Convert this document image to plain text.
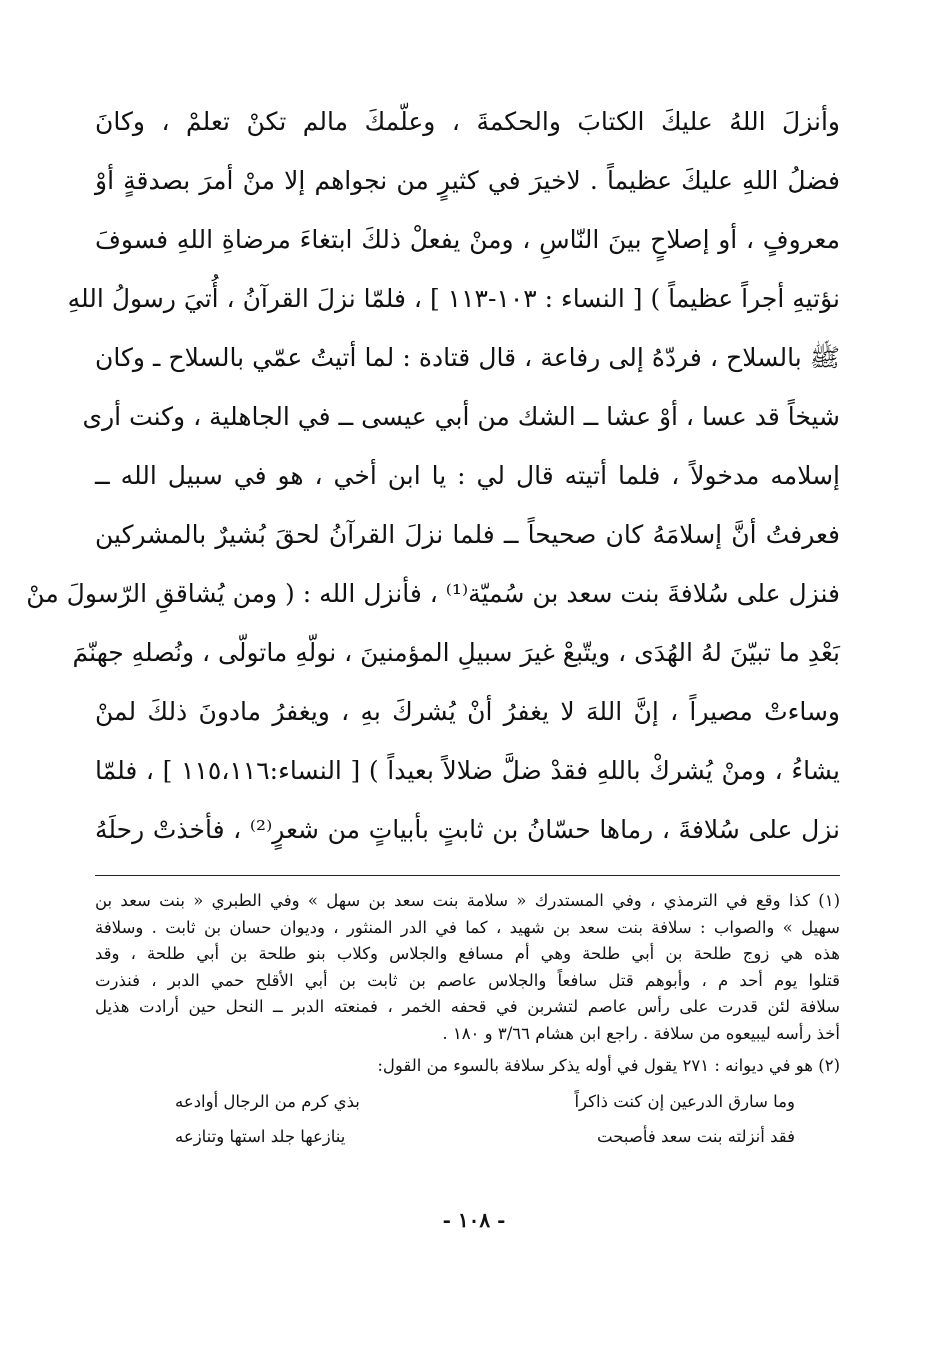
وأنزلَ اللهُ عليكَ الكتابَ والحكمةَ ، وعلّمكَ مالم تكنْ تعلمْ ، وكانَ
فضلُ اللهِ عليكَ عظيماً . لاخيرَ في كثيرٍ من نجواهم إلا منْ أمرَ بصدقةٍ أوْ
معروفٍ ، أو إصلاحٍ بينَ النّاسِ ، ومنْ يفعلْ ذلكَ ابتغاءَ مرضاةِ اللهِ فسوفَ
نؤتيهِ أجراً عظيماً ) [ النساء : ١٠٣-١١٣ ] ، فلمّا نزلَ القرآنُ ، أُتيَ رسولُ اللهِ
ﷺ بالسلاح ، فردّهُ إلى رفاعة ، قال قتادة : لما أتيتُ عمّي بالسلاح ـ وكان
شيخاً قد عسا ، أوْ عشا ــ الشك من أبي عيسى ــ في الجاهلية ، وكنت أرى
إسلامه مدخولاً ، فلما أتيته قال لي : يا ابن أخي ، هو في سبيل الله ــ
فعرفتُ أنَّ إسلامَهُ كان صحيحاً ــ فلما نزلَ القرآنُ لحقَ بُشيرٌ بالمشركين
فنزل على سُلافةَ بنت سعد بن سُميّة⁽¹⁾ ، فأنزل الله : ( ومن يُشاققِ الرّسولَ منْ
بَعْدِ ما تبيّنَ لهُ الهُدَى ، ويتّبعْ غيرَ سبيلِ المؤمنينَ ، نولّهِ ماتولّى ، ونُصلهِ جهنّمَ
وساءتْ مصيراً ، إنَّ اللهَ لا يغفرُ أنْ يُشركَ بهِ ، ويغفرُ مادونَ ذلكَ لمنْ
يشاءُ ، ومنْ يُشركْ باللهِ فقدْ ضلَّ ضلالاً بعيداً ) [ النساء:١١٥،١١٦ ] ، فلمّا
نزل على سُلافةَ ، رماها حسّانُ بن ثابتٍ بأبياتٍ من شعرٍ⁽²⁾ ، فأخذتْ رحلَهُ
(١) كذا وقع في الترمذي ، وفي المستدرك « سلامة بنت سعد بن سهل » وفي الطبري « بنت سعد بن
سهيل » والصواب : سلافة بنت سعد بن شهيد ، كما في الدر المنثور ، وديوان حسان بن ثابت . وسلافة
هذه هي زوج طلحة بن أبي طلحة وهي أم مسافع والجلاس وكلاب بنو طلحة بن أبي طلحة ، وقد
قتلوا يوم أحد م ، وأبوهم قتل سافعاً والجلاس عاصم بن ثابت بن أبي الأقلح حمي الدبر ، فنذرت
سلافة لئن قدرت على رأس عاصم لتشربن في قحفه الخمر ، فمنعته الدبر ــ النحل حين أرادت هذيل
أخذ رأسه ليبيعوه من سلافة . راجع ابن هشام ٣/٦٦ و ١٨٠ .
(٢) هو في ديوانه : ٢٧١ يقول في أوله يذكر سلافة بالسوء من القول:
وما سارق الدرعين إن كنت ذاكراً
بذي كرم من الرجال أوادعه
فقد أنزلته بنت سعد فأصبحت
ينازعها جلد استها وتنازعه
- ١٠٨ -
